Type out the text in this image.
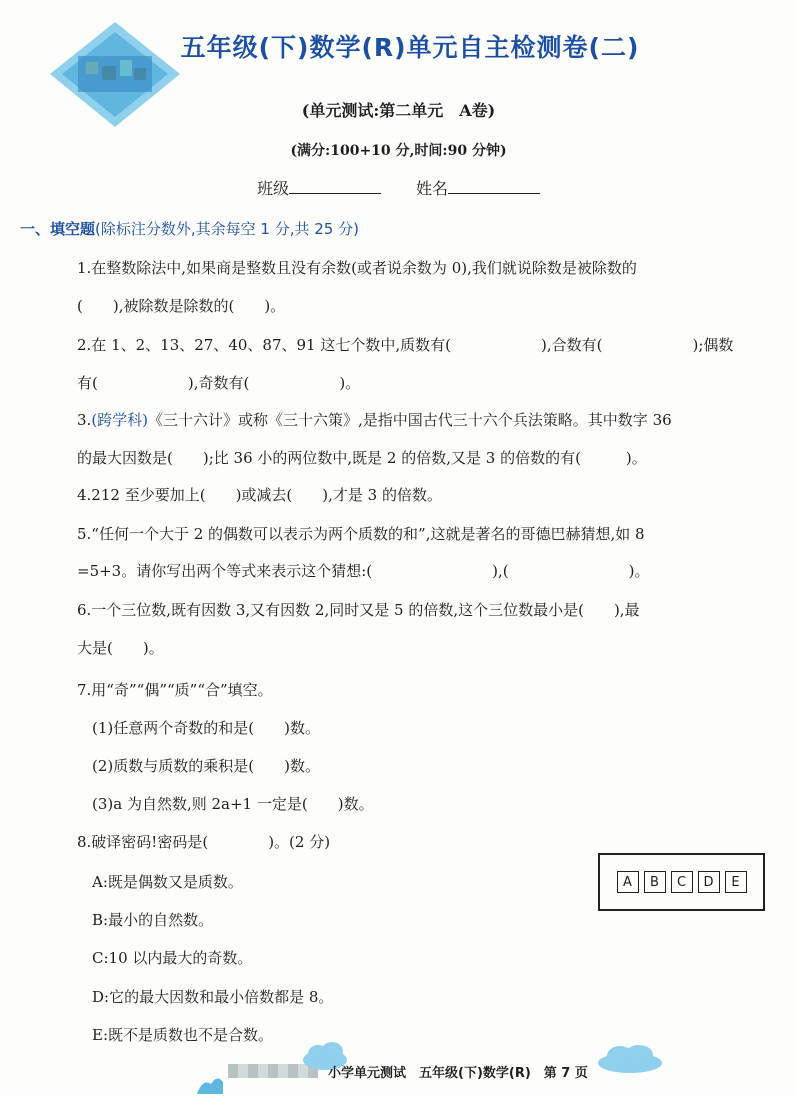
五年级(下)数学(R)单元自主检测卷(二)
(单元测试:第二单元　A卷)
(满分:100+10 分,时间:90 分钟)
班级	姓名
一、填空题(除标注分数外,其余每空 1 分,共 25 分)
1.在整数除法中,如果商是整数且没有余数(或者说余数为 0),我们就说除数是被除数的
(　　),被除数是除数的(　　)。
2.在 1、2、13、27、40、87、91 这七个数中,质数有(　　　　　　),合数有(　　　　　　);偶数
有(　　　　　　),奇数有(　　　　　　)。
3.(跨学科)《三十六计》或称《三十六策》,是指中国古代三十六个兵法策略。其中数字 36
的最大因数是(　　);比 36 小的两位数中,既是 2 的倍数,又是 3 的倍数的有(　　　)。
4.212 至少要加上(　　)或减去(　　),才是 3 的倍数。
5.“任何一个大于 2 的偶数可以表示为两个质数的和”,这就是著名的哥德巴赫猜想,如 8
=5+3。请你写出两个等式来表示这个猜想:(　　　　　　　　),(　　　　　　　　)。
6.一个三位数,既有因数 3,又有因数 2,同时又是 5 的倍数,这个三位数最小是(　　),最
大是(　　)。
7.用“奇”“偶”“质”“合”填空。
(1)任意两个奇数的和是(　　)数。
(2)质数与质数的乘积是(　　)数。
(3)a 为自然数,则 2a+1 一定是(　　)数。
8.破译密码!密码是(　　　　)。(2 分)
A:既是偶数又是质数。
B:最小的自然数。
C:10 以内最大的奇数。
D:它的最大因数和最小倍数都是 8。
E:既不是质数也不是合数。
A	B	C	D	E
小学单元测试　五年级(下)数学(R)　第 7 页
